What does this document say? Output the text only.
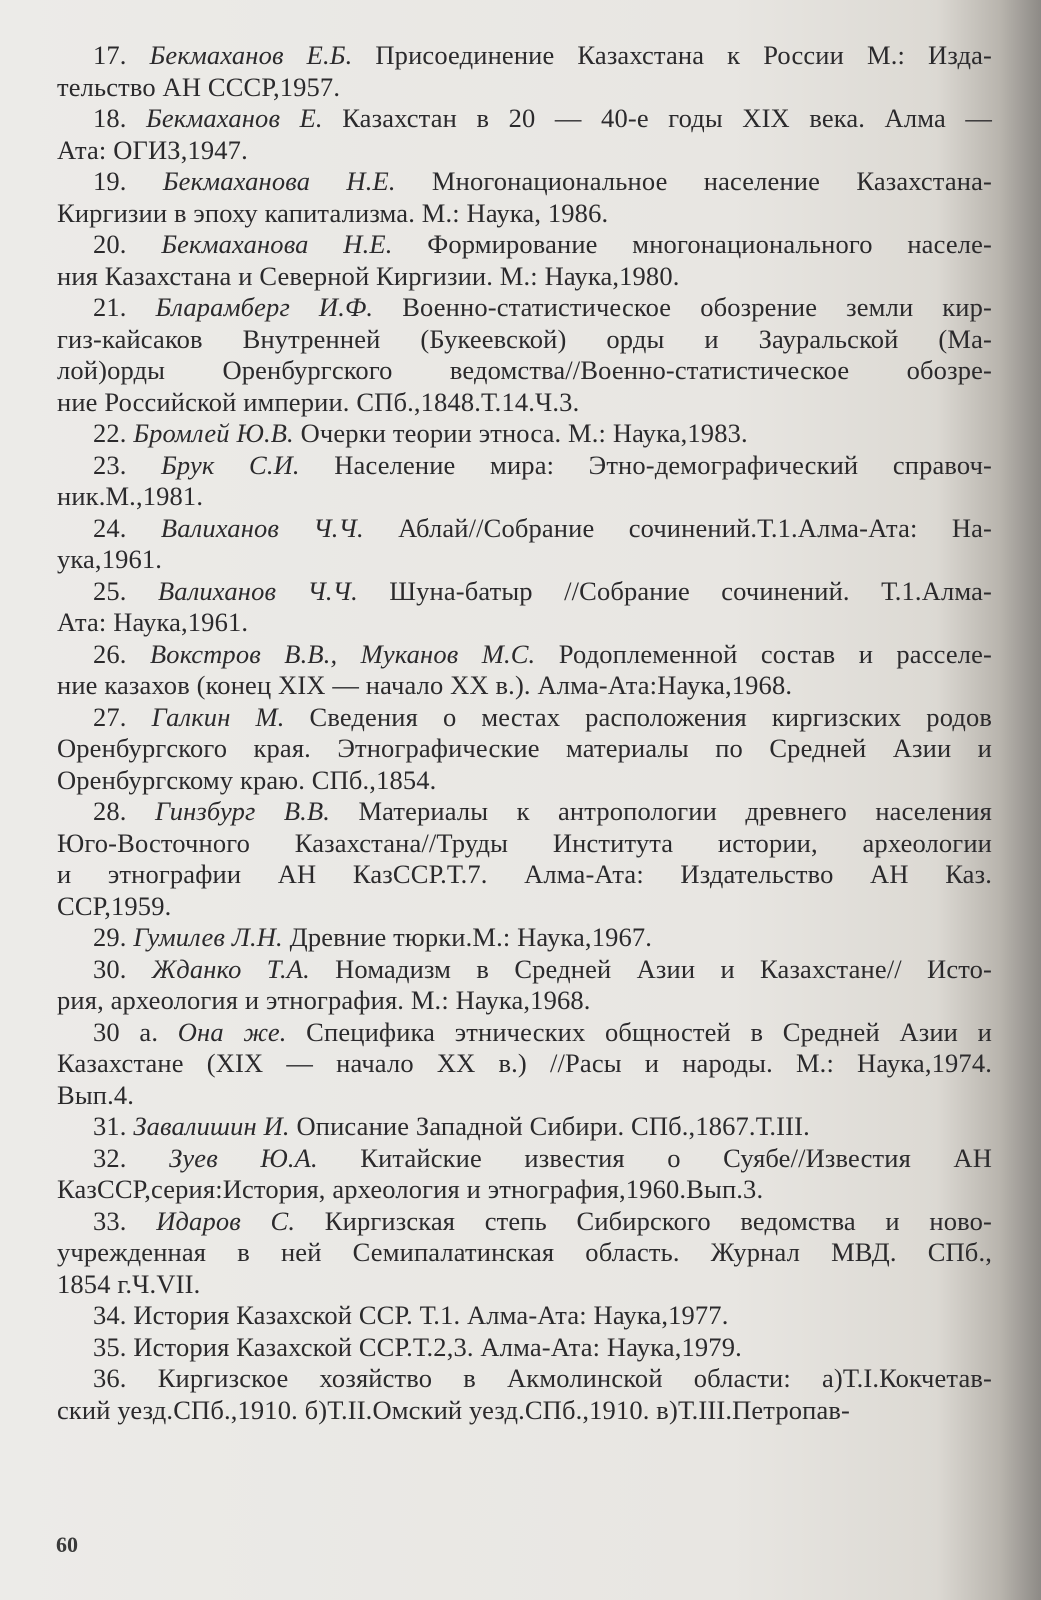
17. Бекмаханов Е.Б. Присоединение Казахстана к России М.: Изда-
тельство АН СССР,1957.
18. Бекмаханов Е. Казахстан в 20 — 40-е годы XIX века. Алма —
Ата: ОГИЗ,1947.
19. Бекмаханова Н.Е. Многонациональное население Казахстана-
Киргизии в эпоху капитализма. М.: Наука, 1986.
20. Бекмаханова Н.Е. Формирование многонационального населе-
ния Казахстана и Северной Киргизии. М.: Наука,1980.
21. Бларамберг И.Ф. Военно-статистическое обозрение земли кир-
гиз-кайсаков Внутренней (Букеевской) орды и Зауральской (Ма-
лой)орды Оренбургского ведомства//Военно-статистическое обозре-
ние Российской империи. СПб.,1848.Т.14.Ч.3.
22. Бромлей Ю.В. Очерки теории этноса. М.: Наука,1983.
23. Брук С.И. Население мира: Этно-демографический справоч-
ник.М.,1981.
24. Валиханов Ч.Ч. Аблай//Собрание сочинений.Т.1.Алма-Ата: На-
ука,1961.
25. Валиханов Ч.Ч. Шуна-батыр //Собрание сочинений. Т.1.Алма-
Ата: Наука,1961.
26. Вокстров В.В., Муканов М.С. Родоплеменной состав и расселе-
ние казахов (конец XIX — начало XX в.). Алма-Ата:Наука,1968.
27. Галкин М. Сведения о местах расположения киргизских родов
Оренбургского края. Этнографические материалы по Средней Азии и
Оренбургскому краю. СПб.,1854.
28. Гинзбург В.В. Материалы к антропологии древнего населения
Юго-Восточного Казахстана//Труды Института истории, археологии
и этнографии АН КазССР.Т.7. Алма-Ата: Издательство АН Каз.
ССР,1959.
29. Гумилев Л.Н. Древние тюрки.М.: Наука,1967.
30. Жданко Т.А. Номадизм в Средней Азии и Казахстане// Исто-
рия, археология и этнография. М.: Наука,1968.
30 а. Она же. Специфика этнических общностей в Средней Азии и
Казахстане (XIX — начало XX в.) //Расы и народы. М.: Наука,1974.
Вып.4.
31. Завалишин И. Описание Западной Сибири. СПб.,1867.Т.III.
32. Зуев Ю.А. Китайские известия о Суябе//Известия АН
КазССР,серия:История, археология и этнография,1960.Вып.3.
33. Идаров С. Киргизская степь Сибирского ведомства и ново-
учрежденная в ней Семипалатинская область. Журнал МВД. СПб.,
1854 г.Ч.VII.
34. История Казахской ССР. Т.1. Алма-Ата: Наука,1977.
35. История Казахской ССР.Т.2,3. Алма-Ата: Наука,1979.
36. Киргизское хозяйство в Акмолинской области: а)Т.I.Кокчетав-
ский уезд.СПб.,1910. б)Т.II.Омский уезд.СПб.,1910. в)Т.III.Петропав-
60
